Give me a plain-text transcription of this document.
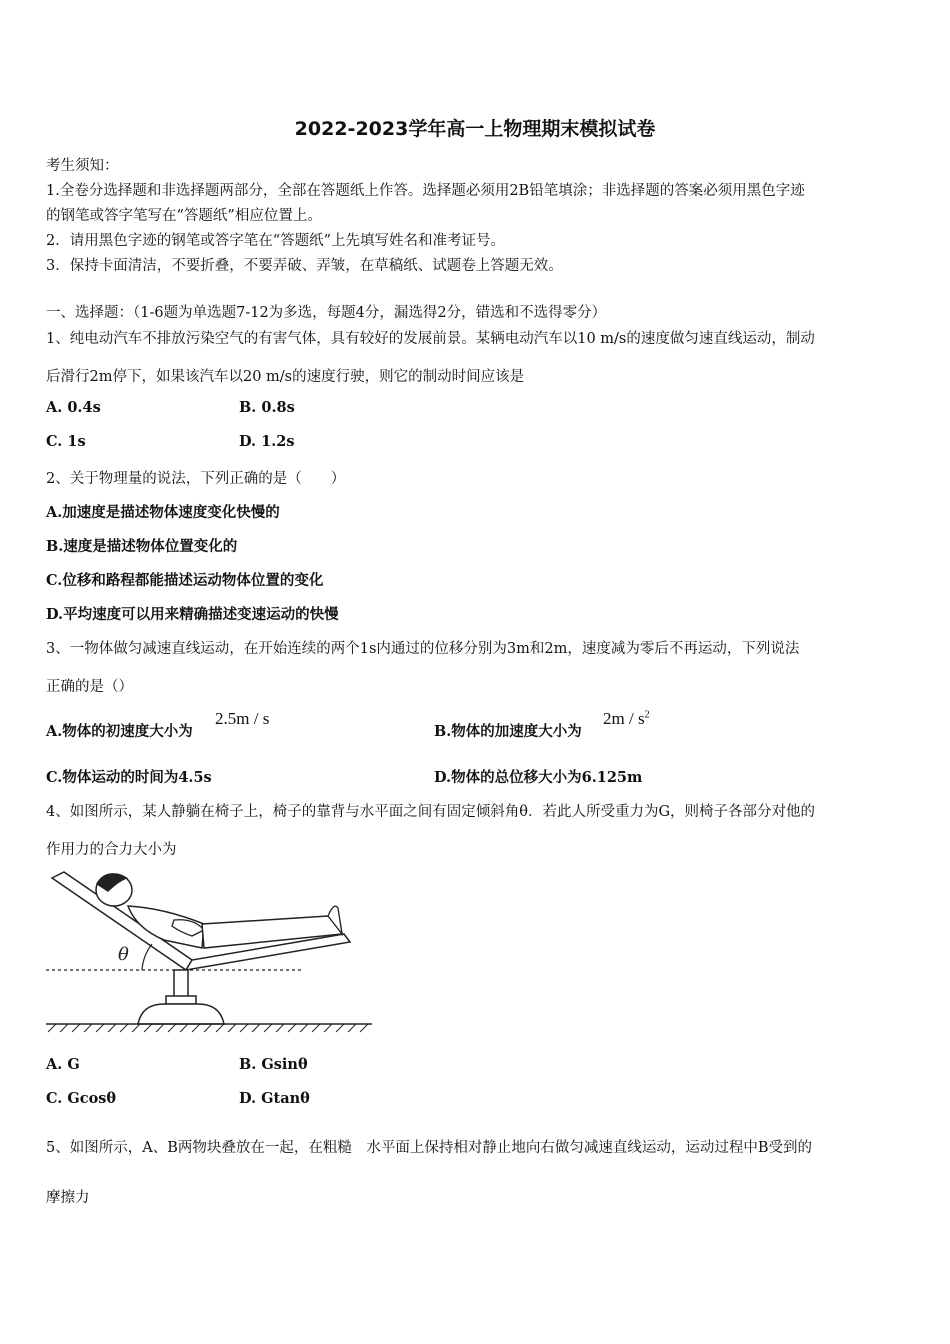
2022-2023学年高一上物理期末模拟试卷
考生须知：
1.全卷分选择题和非选择题两部分，全部在答题纸上作答。选择题必须用2B铅笔填涂；非选择题的答案必须用黑色字迹
的钢笔或答字笔写在“答题纸”相应位置上。
2．请用黑色字迹的钢笔或答字笔在“答题纸”上先填写姓名和准考证号。
3．保持卡面清洁，不要折叠，不要弄破、弄皱，在草稿纸、试题卷上答题无效。
一、选择题：（1-6题为单选题7-12为多选，每题4分，漏选得2分，错选和不选得零分）
1、纯电动汽车不排放污染空气的有害气体，具有较好的发展前景。某辆电动汽车以10 m/s的速度做匀速直线运动，制动
后滑行2m停下，如果该汽车以20 m/s的速度行驶，则它的制动时间应该是
A. 0.4s	B. 0.8s
C. 1s	D. 1.2s
2、关于物理量的说法，下列正确的是（　　）
A.加速度是描述物体速度变化快慢的
B.速度是描述物体位置变化的
C.位移和路程都能描述运动物体位置的变化
D.平均速度可以用来精确描述变速运动的快慢
3、一物体做匀减速直线运动，在开始连续的两个1s内通过的位移分别为3m和2m，速度减为零后不再运动，下列说法
正确的是（）
A.物体的初速度大小为
2.5m / s
B.物体的加速度大小为
$2m / s^2$
C.物体运动的时间为4.5s	D.物体的总位移大小为6.125m
4、如图所示，某人静躺在椅子上，椅子的靠背与水平面之间有固定倾斜角θ．若此人所受重力为G，则椅子各部分对他的
作用力的合力大小为
θ
A. G	B. Gsinθ
C. Gcosθ	D. Gtanθ
5、如图所示，A、B两物块叠放在一起，在粗糙　水平面上保持相对静止地向右做匀减速直线运动，运动过程中B受到的
摩擦力
